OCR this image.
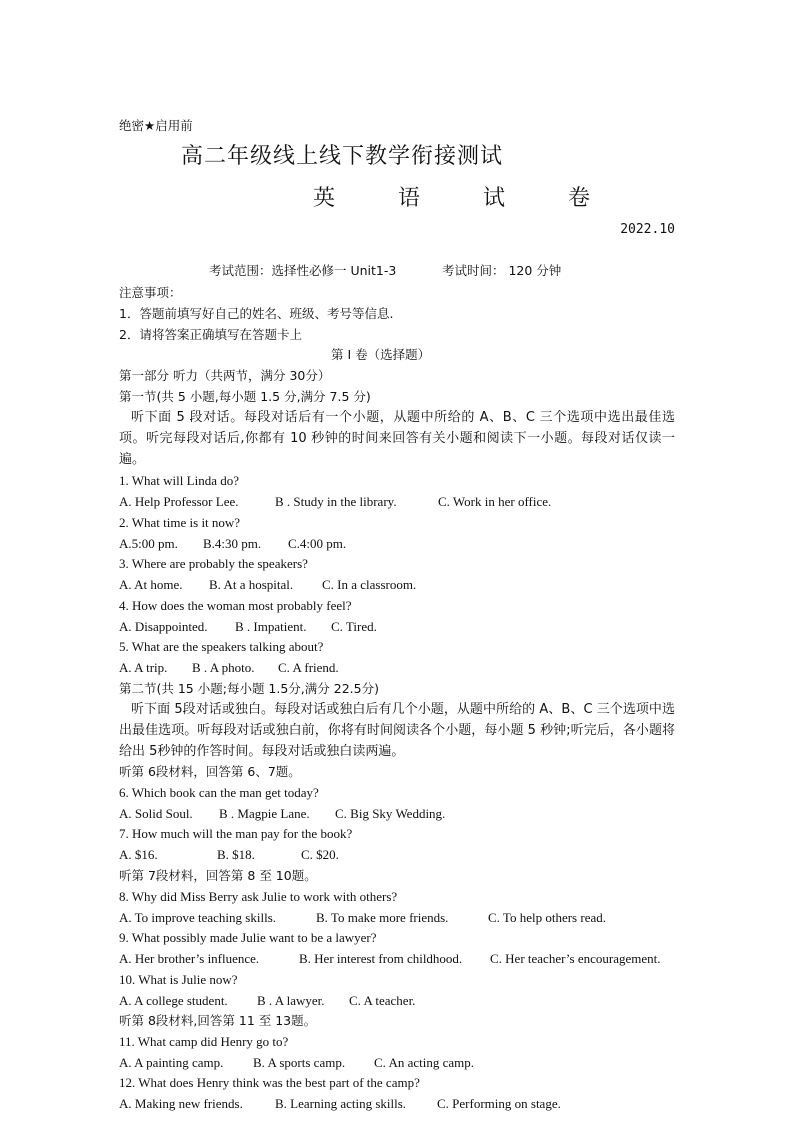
绝密★启用前
高二年级线上线下教学衔接测试
英 语 试 卷
2022.10
考试范围：选择性必修一 Unit1-3	考试时间： 120 分钟
注意事项：
1．答题前填写好自己的姓名、班级、考号等信息.
2．请将答案正确填写在答题卡上
第 I 卷（选择题）
第一部分 听力（共两节，满分 30分）
第一节(共 5 小题,每小题 1.5 分,满分 7.5 分)
听下面 5 段对话。每段对话后有一个小题，从题中所给的 A、B、C 三个选项中选出最佳选项。听完每段对话后,你都有 10 秒钟的时间来回答有关小题和阅读下一小题。每段对话仅读一遍。
1. What will Linda do?
A. Help Professor Lee.	B . Study in the library.	C. Work in her office.
2. What time is it now?
A.5:00 pm. B.4:30 pm. C.4:00 pm.
3. Where are probably the speakers?
A. At home. B. At a hospital. C. In a classroom.
4. How does the woman most probably feel?
A. Disappointed. B . Impatient. C. Tired.
5. What are the speakers talking about?
A. A trip. B . A photo. C. A friend.
第二节(共 15 小题;每小题 1.5分,满分 22.5分)
听下面 5段对话或独白。每段对话或独白后有几个小题，从题中所给的 A、B、C 三个选项中选出最佳选项。听每段对话或独白前，你将有时间阅读各个小题，每小题 5 秒钟;听完后，各小题将给出 5秒钟的作答时间。每段对话或独白读两遍。
听第 6段材料，回答第 6、7题。
6. Which book can the man get today?
A. Solid Soul. B . Magpie Lane. C. Big Sky Wedding.
7. How much will the man pay for the book?
A. $16.	B. $18.	C. $20.
听第 7段材料，回答第 8 至 10题。
8. Why did Miss Berry ask Julie to work with others?
A. To improve teaching skills.	B. To make more friends.	C. To help others read.
9. What possibly made Julie want to be a lawyer?
A. Her brother’s influence.	B. Her interest from childhood. C. Her teacher’s encouragement.
10. What is Julie now?
A. A college student. B . A lawyer. C. A teacher.
听第 8段材料,回答第 11 至 13题。
11. What camp did Henry go to?
A. A painting camp. B. A sports camp. C. An acting camp.
12. What does Henry think was the best part of the camp?
A. Making new friends. B. Learning acting skills. C. Performing on stage.
